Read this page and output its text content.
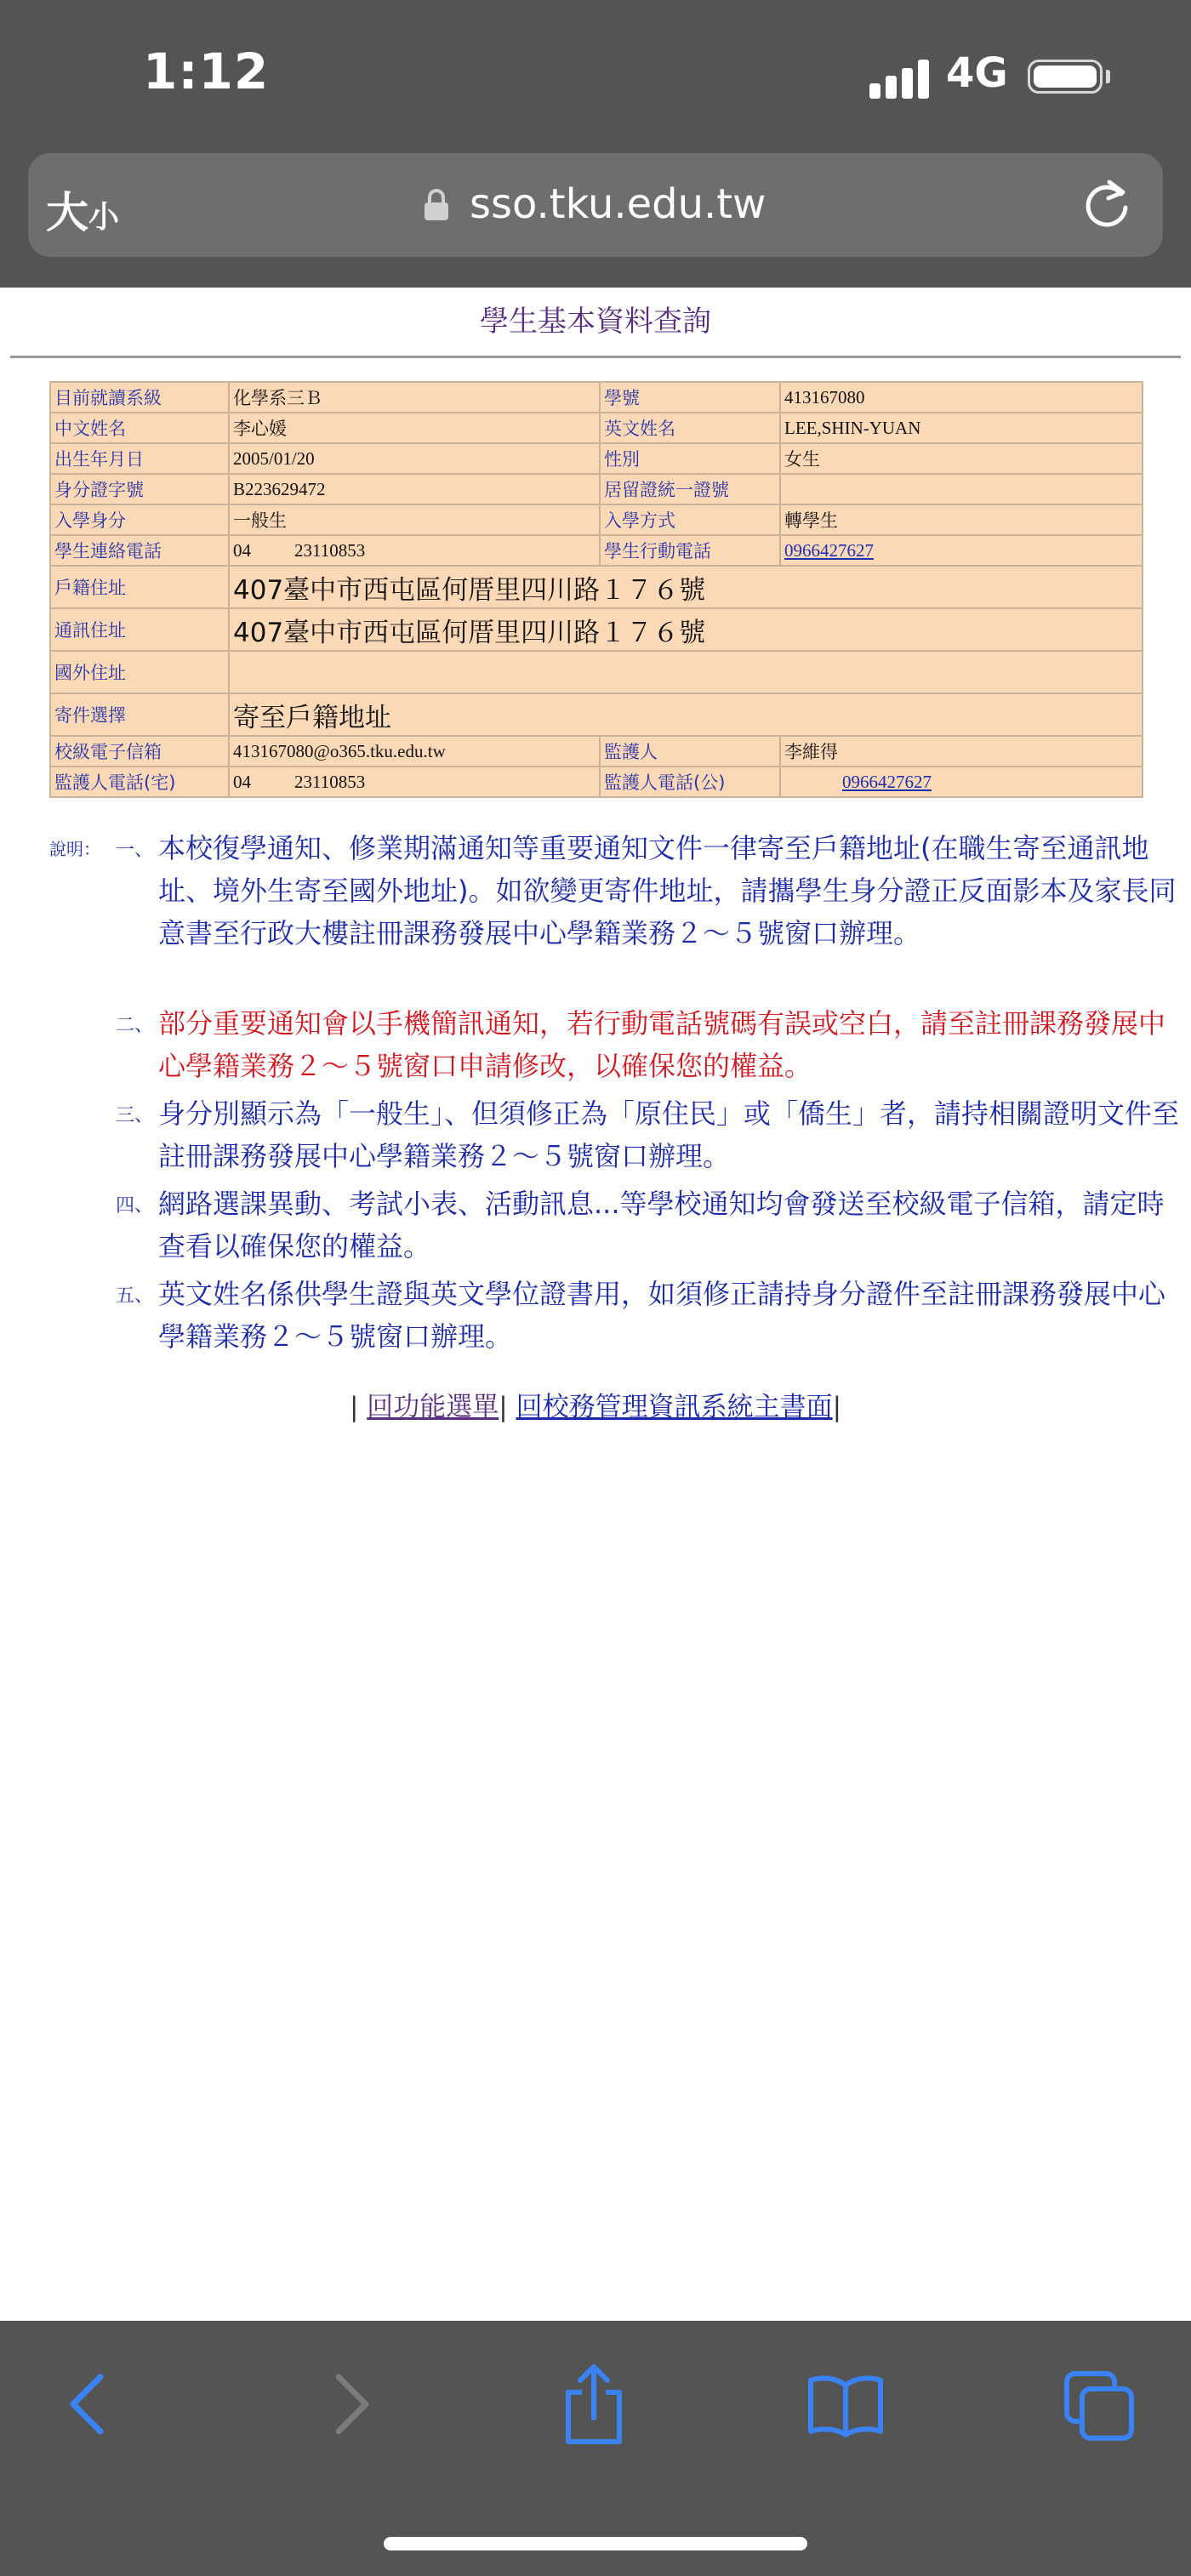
1:12	4G
大小	sso.tku.edu.tw
學生基本資料查詢
目前就讀系級	化學系三Ｂ	學號	413167080
中文姓名	李心媛	英文姓名	LEE,SHIN-YUAN
出生年月日	2005/01/20	性別	女生
身分證字號	B223629472	居留證統一證號	
入學身分	一般生	入學方式	轉學生
學生連絡電話	04 23110853	學生行動電話	0966427627
戶籍住址	407臺中市西屯區何厝里四川路１７６號		
通訊住址	407臺中市西屯區何厝里四川路１７６號		
國外住址			
寄件選擇	寄至戶籍地址		
校級電子信箱	413167080@o365.tku.edu.tw	監護人	李維得
監護人電話(宅)	04 23110853	監護人電話(公)	0966427627
說明： 一、 本校復學通知、修業期滿通知等重要通知文件一律寄至戶籍地址(在職生寄至通訊地址、境外生寄至國外地址)。如欲變更寄件地址，請攜學生身分證正反面影本及家長同意書至行政大樓註冊課務發展中心學籍業務２～５號窗口辦理。
二、 部分重要通知會以手機簡訊通知，若行動電話號碼有誤或空白，請至註冊課務發展中心學籍業務２～５號窗口申請修改，以確保您的權益。
三、 身分別顯示為「一般生」、但須修正為「原住民」或「僑生」者，請持相關證明文件至註冊課務發展中心學籍業務２～５號窗口辦理。
四、 網路選課異動、考試小表、活動訊息...等學校通知均會發送至校級電子信箱，請定時查看以確保您的權益。
五、 英文姓名係供學生證與英文學位證書用，如須修正請持身分證件至註冊課務發展中心學籍業務２～５號窗口辦理。
| 回功能選單| 回校務管理資訊系統主書面|
